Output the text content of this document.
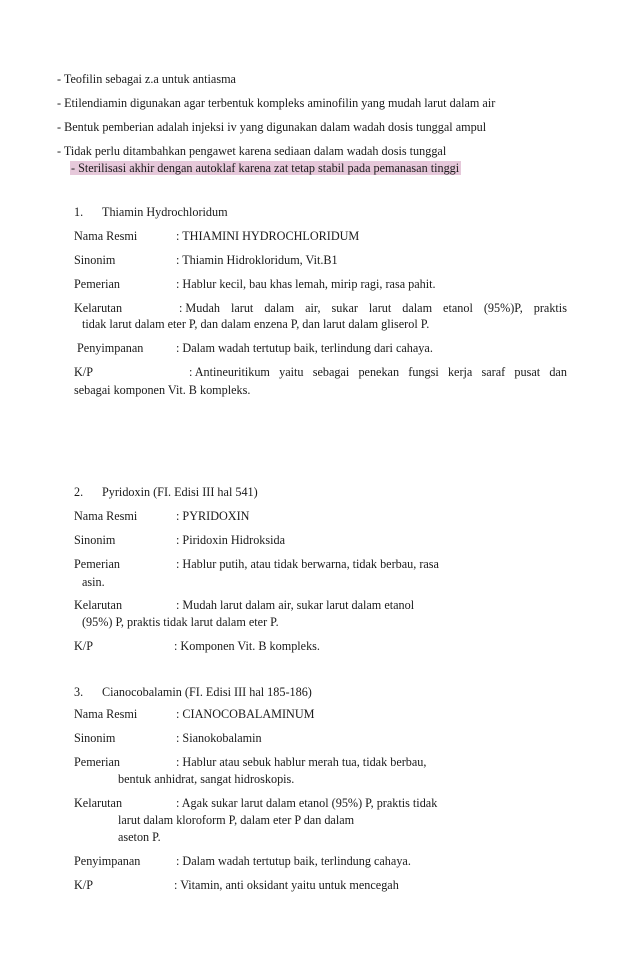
- Teofilin sebagai z.a untuk antiasma
- Etilendiamin digunakan agar terbentuk kompleks aminofilin yang mudah larut dalam air
- Bentuk pemberian adalah injeksi iv yang digunakan dalam wadah dosis tunggal ampul
- Tidak perlu ditambahkan pengawet karena sediaan dalam wadah dosis tunggal
- Sterilisasi akhir dengan autoklaf karena zat tetap stabil pada pemanasan tinggi
1. Thiamin Hydrochloridum
Nama Resmi	: THIAMINI HYDROCHLORIDUM
Sinonim	: Thiamin Hidrokloridum, Vit.B1
Pemerian	: Hablur kecil, bau khas lemah, mirip ragi, rasa pahit.
Kelarutan	: Mudah larut dalam air, sukar larut dalam etanol (95%)P, praktis
tidak larut dalam eter P, dan dalam enzena P, dan larut dalam gliserol P.
Penyimpanan	: Dalam wadah tertutup baik, terlindung dari cahaya.
K/P	: Antineuritikum yaitu sebagai penekan fungsi kerja saraf pusat dan
sebagai komponen Vit. B kompleks.
2. Pyridoxin (FI. Edisi III hal 541)
Nama Resmi	: PYRIDOXIN
Sinonim	: Piridoxin Hidroksida
Pemerian	: Hablur putih, atau tidak berwarna, tidak berbau, rasa
asin.
Kelarutan	: Mudah larut dalam air, sukar larut dalam etanol
(95%) P, praktis tidak larut dalam eter P.
K/P	: Komponen Vit. B kompleks.
3. Cianocobalamin (FI. Edisi III hal 185-186)
Nama Resmi	: CIANOCOBALAMINUM
Sinonim	: Sianokobalamin
Pemerian	: Hablur atau sebuk hablur merah tua, tidak berbau,
bentuk anhidrat, sangat hidroskopis.
Kelarutan	: Agak sukar larut dalam etanol (95%) P, praktis tidak
larut dalam kloroform P, dalam eter P dan dalam
aseton P.
Penyimpanan	: Dalam wadah tertutup baik, terlindung cahaya.
K/P	: Vitamin, anti oksidant yaitu untuk mencegah
